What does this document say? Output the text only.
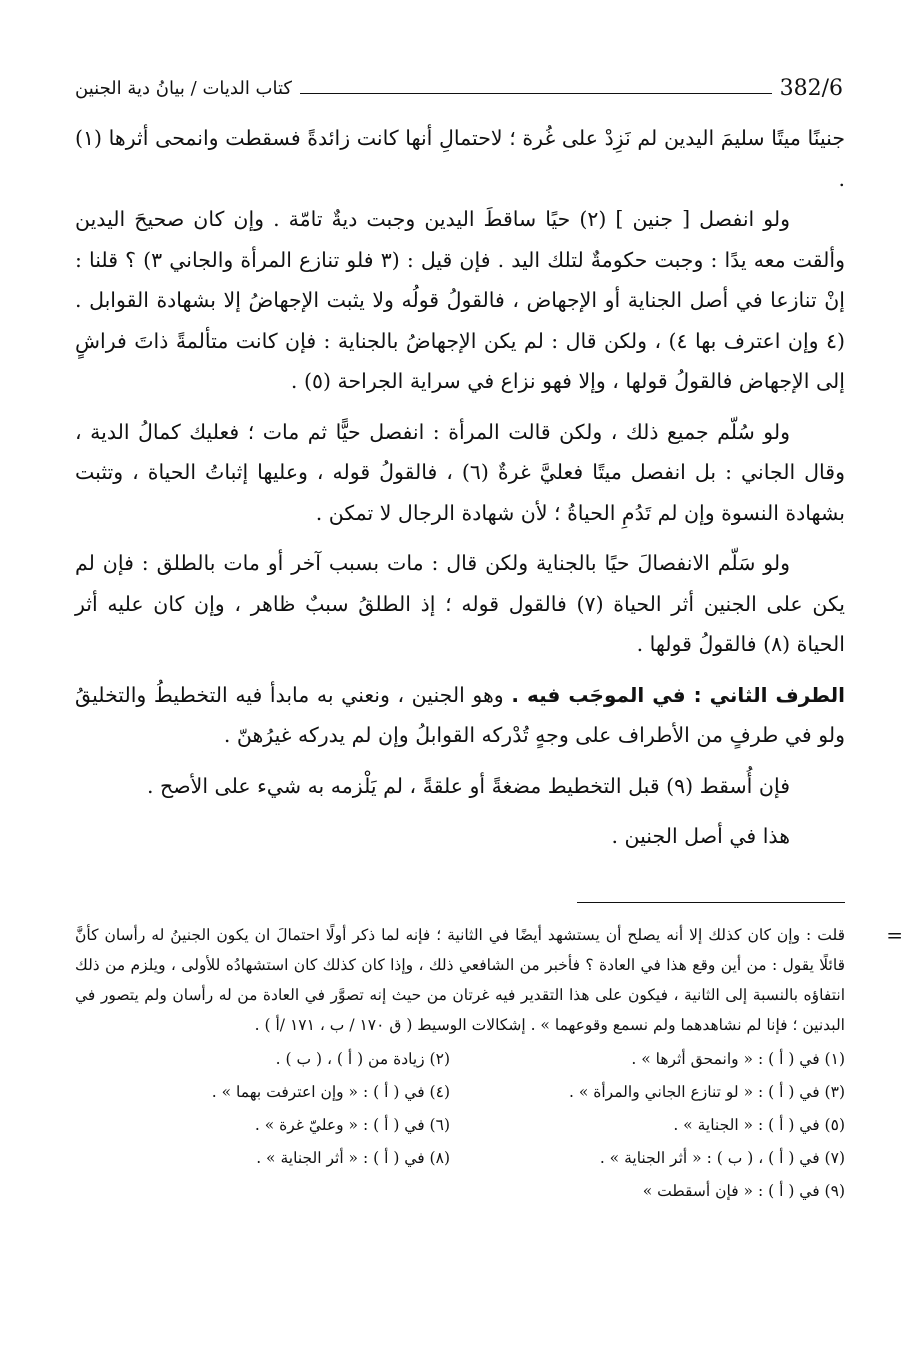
382/6
كتاب الديات / بيانُ دية الجنين

جنينًا ميتًا سليمَ اليدين لم نَزِدْ على غُرة ؛ لاحتمالِ أنها كانت زائدةً فسقطت وانمحى أثرها (١) .

ولو انفصل [ جنين ] (٢) حيًا ساقطَ اليدين وجبت ديةٌ تامّة . وإن كان صحيحَ اليدين وألقت معه يدًا : وجبت حكومةٌ لتلك اليد . فإن قيل : (٣ فلو تنازع المرأة والجاني ٣) ؟ قلنا : إنْ تنازعا في أصل الجناية أو الإجهاض ، فالقولُ قولُه ولا يثبت الإجهاضُ إلا بشهادة القوابل . (٤ وإن اعترف بها ٤) ، ولكن قال : لم يكن الإجهاضُ بالجناية : فإن كانت متألمةً ذاتَ فراشٍ إلى الإجهاض فالقولُ قولها ، وإلا فهو نزاع في سراية الجراحة (٥) .

ولو سُلّم جميع ذلك ، ولكن قالت المرأة : انفصل حيًّا ثم مات ؛ فعليك كمالُ الدية ، وقال الجاني : بل انفصل ميتًا فعليَّ غرةٌ (٦) ، فالقولُ قوله ، وعليها إثباتُ الحياة ، وتثبت بشهادة النسوة وإن لم تَدُمِ الحياةُ ؛ لأن شهادة الرجال لا تمكن .

ولو سَلّم الانفصالَ حيًا بالجناية ولكن قال : مات بسبب آخر أو مات بالطلق : فإن لم يكن على الجنين أثر الحياة (٧) فالقول قوله ؛ إذ الطلقُ سببٌ ظاهر ، وإن كان عليه أثر الحياة (٨) فالقولُ قولها .

الطرف الثاني : في الموجَب فيه . وهو الجنين ، ونعني به مابدأ فيه التخطيطُ والتخليقُ ولو في طرفٍ من الأطراف على وجهٍ تُدْركه القوابلُ وإن لم يدركه غيرُهنّ .

فإن أُسقط (٩) قبل التخطيط مضغةً أو علقةً ، لم يَلْزمه به شيء على الأصح .

هذا في أصل الجنين .

=
قلت : وإن كان كذلك إلا أنه يصلح أن يستشهد أيضًا في الثانية ؛ فإنه لما ذكر أولًا احتمالَ ان يكون الجنينُ له رأسان كأنَّ قائلًا يقول : من أين وقع هذا في العادة ؟ فأخبر من الشافعي ذلك ، وإذا كان كذلك كان استشهادُه للأولى ، ويلزم من ذلك انتفاؤه بالنسبة إلى الثانية ، فيكون على هذا التقدير فيه غرتان من حيث إنه تصوَّر في العادة من له رأسان ولم يتصور في البدنين ؛ فإنا لم نشاهدهما ولم نسمع وقوعهما » . إشكالات الوسيط ( ق ١٧٠ / ب ، ١٧١ /أ ) .

(١) في ( أ ) : « وانمحق أثرها » .
(٢) زيادة من ( أ ) ، ( ب ) .
(٣) في ( أ ) : « لو تنازع الجاني والمرأة » .
(٤) في ( أ ) : « وإن اعترفت بهما » .
(٥) في ( أ ) : « الجناية » .
(٦) في ( أ ) : « وعليّ غرة » .
(٧) في ( أ ) ، ( ب ) : « أثر الجناية » .
(٨) في ( أ ) : « أثر الجناية » .
(٩) في ( أ ) : « فإن أسقطت »
